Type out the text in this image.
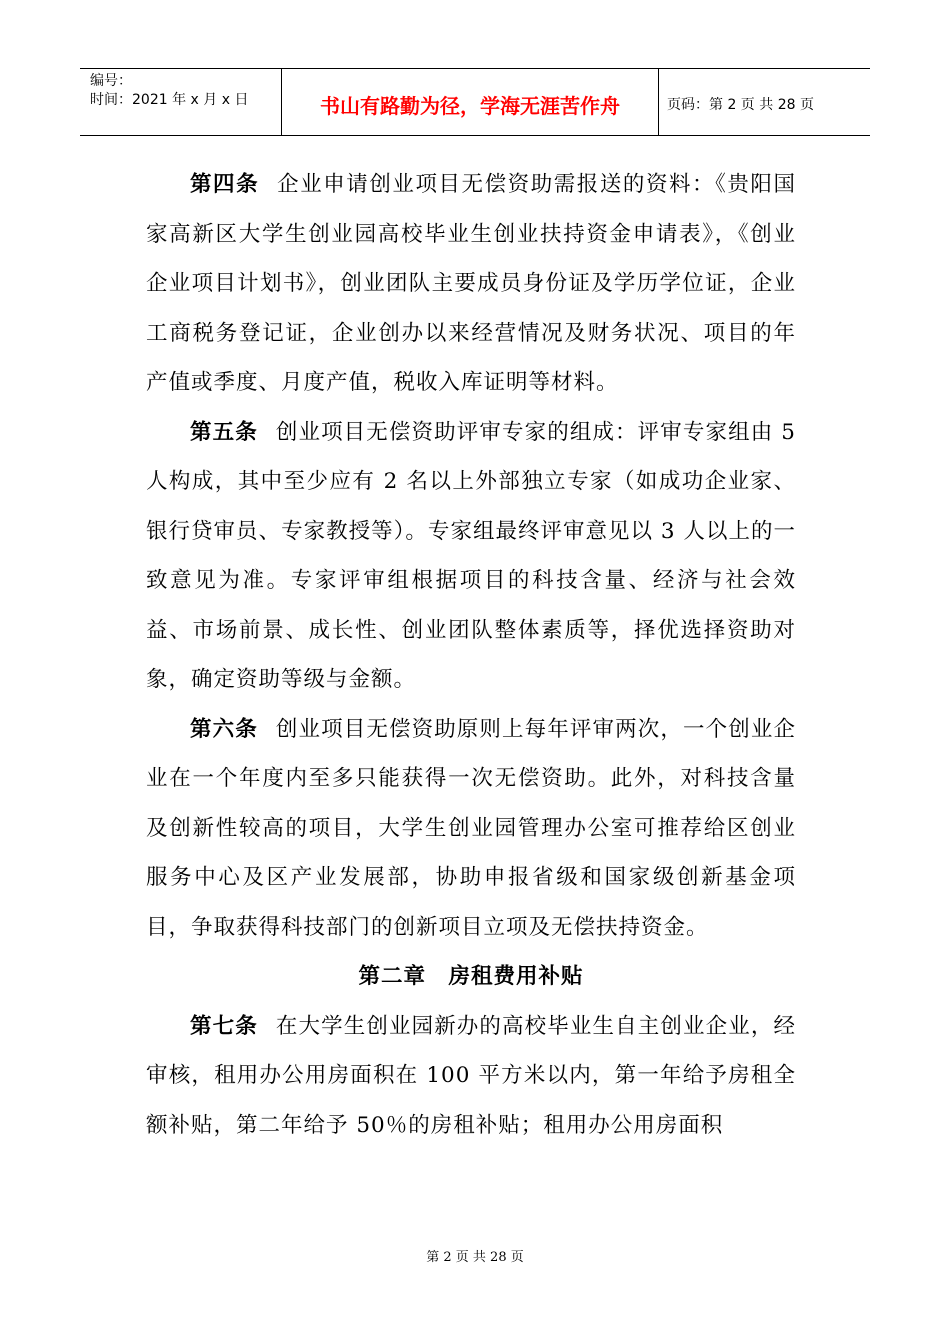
编号：
时间：2021 年 x 月 x 日	书山有路勤为径，学海无涯苦作舟	页码：第 2 页 共 28 页

第四条 企业申请创业项目无偿资助需报送的资料：《贵阳国家高新区大学生创业园高校毕业生创业扶持资金申请表》，《创业企业项目计划书》，创业团队主要成员身份证及学历学位证，企业工商税务登记证，企业创办以来经营情况及财务状况、项目的年产值或季度、月度产值，税收入库证明等材料。

第五条 创业项目无偿资助评审专家的组成：评审专家组由 5 人构成，其中至少应有 2 名以上外部独立专家（如成功企业家、银行贷审员、专家教授等）。专家组最终评审意见以 3 人以上的一致意见为准。专家评审组根据项目的科技含量、经济与社会效益、市场前景、成长性、创业团队整体素质等，择优选择资助对象，确定资助等级与金额。

第六条 创业项目无偿资助原则上每年评审两次，一个创业企业在一个年度内至多只能获得一次无偿资助。此外，对科技含量及创新性较高的项目，大学生创业园管理办公室可推荐给区创业服务中心及区产业发展部，协助申报省级和国家级创新基金项目，争取获得科技部门的创新项目立项及无偿扶持资金。

第二章　房租费用补贴

第七条 在大学生创业园新办的高校毕业生自主创业企业，经审核，租用办公用房面积在 100 平方米以内，第一年给予房租全额补贴，第二年给予 50％的房租补贴；租用办公用房面积

第 2 页 共 28 页
